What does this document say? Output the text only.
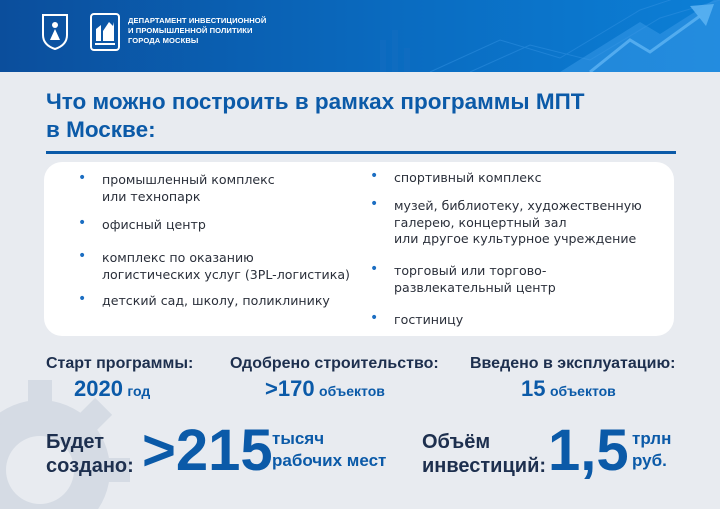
ДЕПАРТАМЕНТ ИНВЕСТИЦИОННОЙ
И ПРОМЫШЛЕННОЙ ПОЛИТИКИ
ГОРОДА МОСКВЫ
Что можно построить в рамках программы МПТ
в Москве:
• промышленный комплекс
или технопарк
• офисный центр
• комплекс по оказанию
логистических услуг (3PL-логистика)
• детский сад, школу, поликлинику
• спортивный комплекс
• музей, библиотеку, художественную
галерею, концертный зал
или другое культурное учреждение
• торговый или торгово-
развлекательный центр
• гостиницу
Старт программы:
2020 год
Одобрено строительство:
>170 объектов
Введено в эксплуатацию:
15 объектов
Будет
создано: >215 тысяч
рабочих мест
Объём
инвестиций: 1,5 трлн
руб.
